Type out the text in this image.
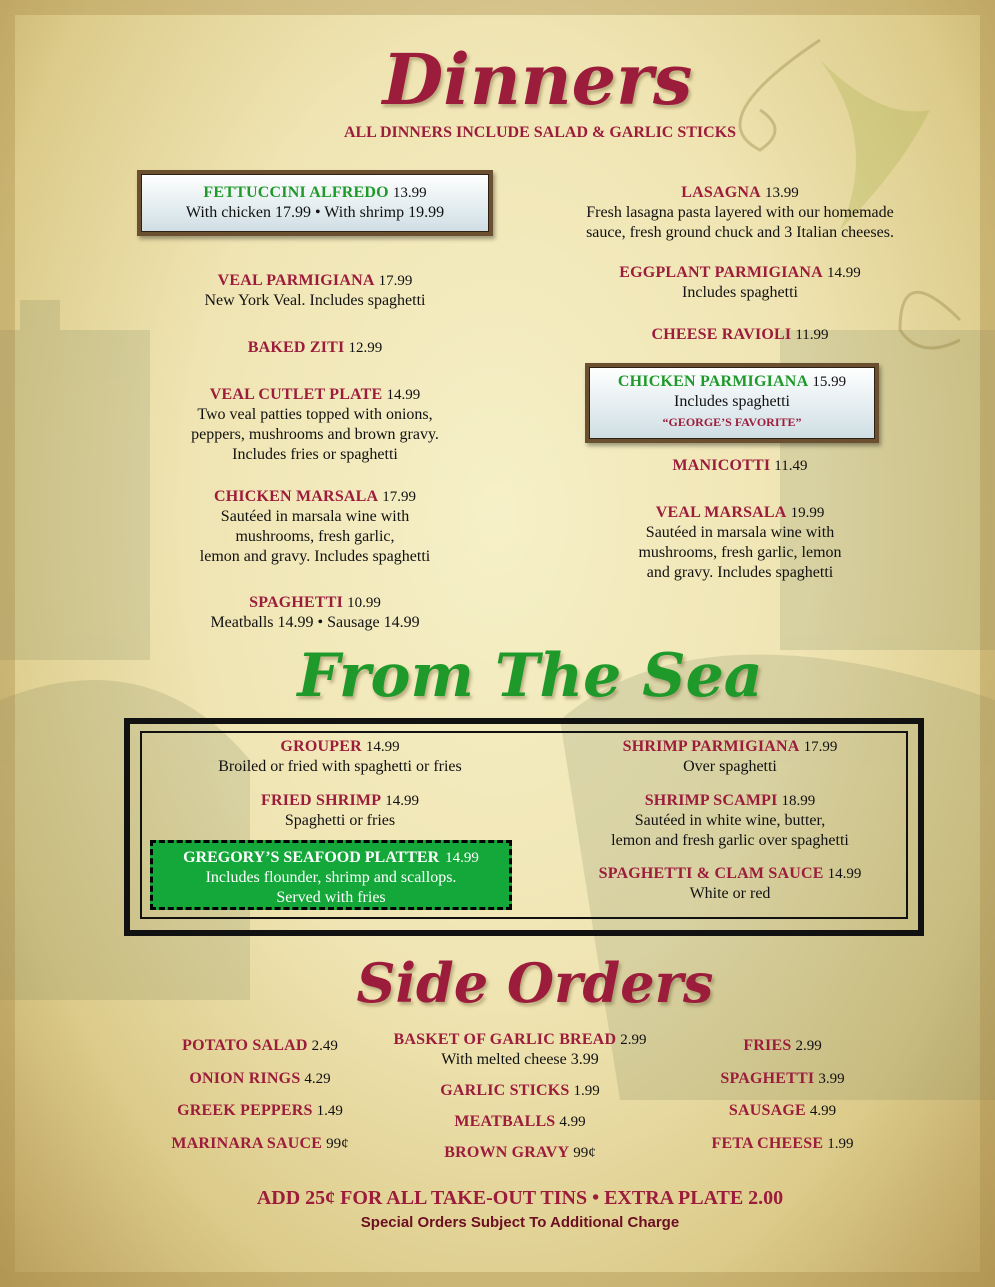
Dinners
ALL DINNERS INCLUDE SALAD & GARLIC STICKS
FETTUCCINI ALFREDO 13.99
With chicken 17.99 • With shrimp 19.99
VEAL PARMIGIANA 17.99
New York Veal. Includes spaghetti
BAKED ZITI 12.99
VEAL CUTLET PLATE 14.99
Two veal patties topped with onions,
peppers, mushrooms and brown gravy.
Includes fries or spaghetti
CHICKEN MARSALA 17.99
Sautéed in marsala wine with
mushrooms, fresh garlic,
lemon and gravy. Includes spaghetti
SPAGHETTI 10.99
Meatballs 14.99 • Sausage 14.99
LASAGNA 13.99
Fresh lasagna pasta layered with our homemade
sauce, fresh ground chuck and 3 Italian cheeses.
EGGPLANT PARMIGIANA 14.99
Includes spaghetti
CHEESE RAVIOLI 11.99
CHICKEN PARMIGIANA 15.99
Includes spaghetti
“GEORGE’S FAVORITE”
MANICOTTI 11.49
VEAL MARSALA 19.99
Sautéed in marsala wine with
mushrooms, fresh garlic, lemon
and gravy. Includes spaghetti
From The Sea
GROUPER 14.99
Broiled or fried with spaghetti or fries
FRIED SHRIMP 14.99
Spaghetti or fries
GREGORY’S SEAFOOD PLATTER 14.99
Includes flounder, shrimp and scallops.
Served with fries
SHRIMP PARMIGIANA 17.99
Over spaghetti
SHRIMP SCAMPI 18.99
Sautéed in white wine, butter,
lemon and fresh garlic over spaghetti
SPAGHETTI & CLAM SAUCE 14.99
White or red
Side Orders
POTATO SALAD 2.49
ONION RINGS 4.29
GREEK PEPPERS 1.49
MARINARA SAUCE 99¢
BASKET OF GARLIC BREAD 2.99
With melted cheese 3.99
GARLIC STICKS 1.99
MEATBALLS 4.99
BROWN GRAVY 99¢
FRIES 2.99
SPAGHETTI 3.99
SAUSAGE 4.99
FETA CHEESE 1.99
ADD 25¢ FOR ALL TAKE-OUT TINS • EXTRA PLATE 2.00
Special Orders Subject To Additional Charge
